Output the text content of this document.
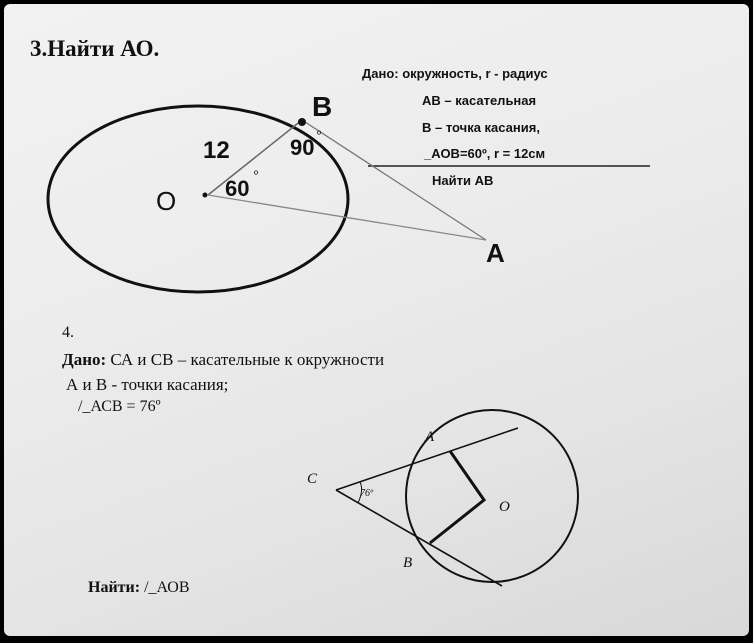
3.Найти АО.
Дано: окружность, r - радиус
АВ – касательная
В – точка касания,
_АОВ=60º, r = 12см
Найти АВ
4.
Дано: СА и СВ – касательные к окружности
А и В - точки касания;
/_АСВ = 76º
Найти: /_АОВ
B
O
A
12	90 º
60
º
A
B
C
O
76º
